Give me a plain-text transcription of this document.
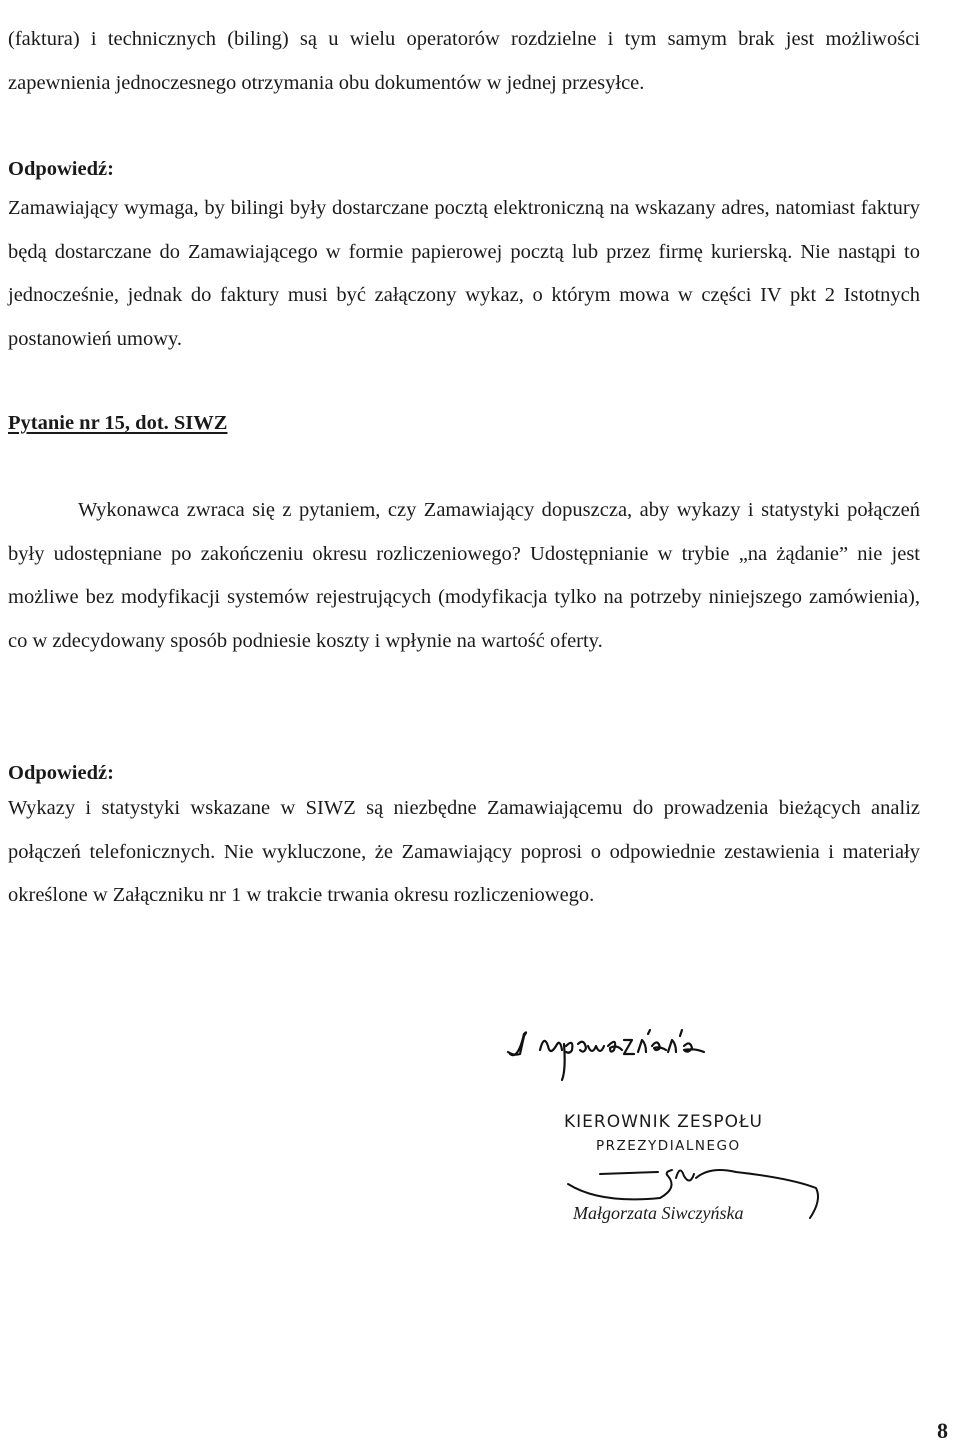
(faktura) i technicznych (biling) są u wielu operatorów rozdzielne i tym samym brak jest możliwości zapewnienia jednoczesnego otrzymania obu dokumentów w jednej przesyłce.

Odpowiedź:

Zamawiający wymaga, by bilingi były dostarczane pocztą elektroniczną na wskazany adres, natomiast faktury będą dostarczane do Zamawiającego w formie papierowej pocztą lub przez firmę kurierską. Nie nastąpi to jednocześnie, jednak do faktury musi być załączony wykaz, o którym mowa w części IV pkt 2 Istotnych postanowień umowy.

Pytanie nr 15, dot. SIWZ

Wykonawca zwraca się z pytaniem, czy Zamawiający dopuszcza, aby wykazy i statystyki połączeń były udostępniane po zakończeniu okresu rozliczeniowego? Udostępnianie w trybie „na żądanie” nie jest możliwe bez modyfikacji systemów rejestrujących (modyfikacja tylko na potrzeby niniejszego zamówienia), co w zdecydowany sposób podniesie koszty i wpłynie na wartość oferty.

Odpowiedź:

Wykazy i statystyki wskazane w SIWZ są niezbędne Zamawiającemu do prowadzenia bieżących analiz połączeń telefonicznych. Nie wykluczone, że Zamawiający poprosi o odpowiednie zestawienia i materiały określone w Załączniku nr 1 w trakcie trwania okresu rozliczeniowego.

KIEROWNIK ZESPOŁU
PRZEZYDIALNEGO
Małgorzata Siwczyńska
8
